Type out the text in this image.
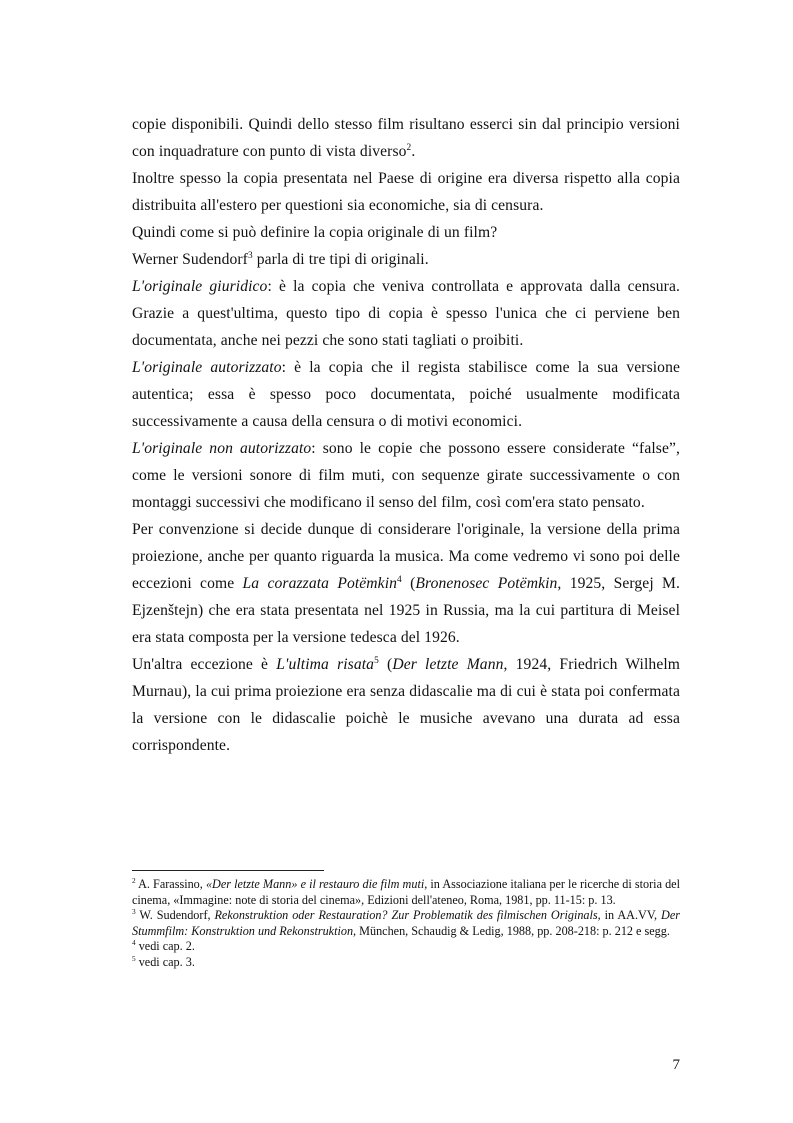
copie disponibili. Quindi dello stesso film risultano esserci sin dal principio versioni con inquadrature con punto di vista diverso$^2$.

Inoltre spesso la copia presentata nel Paese di origine era diversa rispetto alla copia distribuita all'estero per questioni sia economiche, sia di censura.

Quindi come si può definire la copia originale di un film?

Werner Sudendorf$^3$ parla di tre tipi di originali.

L'originale giuridico: è la copia che veniva controllata e approvata dalla censura. Grazie a quest'ultima, questo tipo di copia è spesso l'unica che ci perviene ben documentata, anche nei pezzi che sono stati tagliati o proibiti.

L'originale autorizzato: è la copia che il regista stabilisce come la sua versione autentica; essa è spesso poco documentata, poiché usualmente modificata successivamente a causa della censura o di motivi economici.

L'originale non autorizzato: sono le copie che possono essere considerate “false”, come le versioni sonore di film muti, con sequenze girate successivamente o con montaggi successivi che modificano il senso del film, così com'era stato pensato.

Per convenzione si decide dunque di considerare l'originale, la versione della prima proiezione, anche per quanto riguarda la musica. Ma come vedremo vi sono poi delle eccezioni come La corazzata Potëmkin$^4$ (Bronenosec Potëmkin, 1925, Sergej M. Ejzenštejn) che era stata presentata nel 1925 in Russia, ma la cui partitura di Meisel era stata composta per la versione tedesca del 1926.

Un'altra eccezione è L'ultima risata$^5$ (Der letzte Mann, 1924, Friedrich Wilhelm Murnau), la cui prima proiezione era senza didascalie ma di cui è stata poi confermata la versione con le didascalie poichè le musiche avevano una durata ad essa corrispondente.

$^2$ A. Farassino, «Der letzte Mann» e il restauro die film muti, in Associazione italiana per le ricerche di storia del cinema, «Immagine: note di storia del cinema», Edizioni dell'ateneo, Roma, 1981, pp. 11-15: p. 13.

$^3$ W. Sudendorf, Rekonstruktion oder Restauration? Zur Problematik des filmischen Originals, in AA.VV, Der Stummfilm: Konstruktion und Rekonstruktion, München, Schaudig & Ledig, 1988, pp. 208-218: p. 212 e segg.

$^4$ vedi cap. 2.

$^5$ vedi cap. 3.

7
